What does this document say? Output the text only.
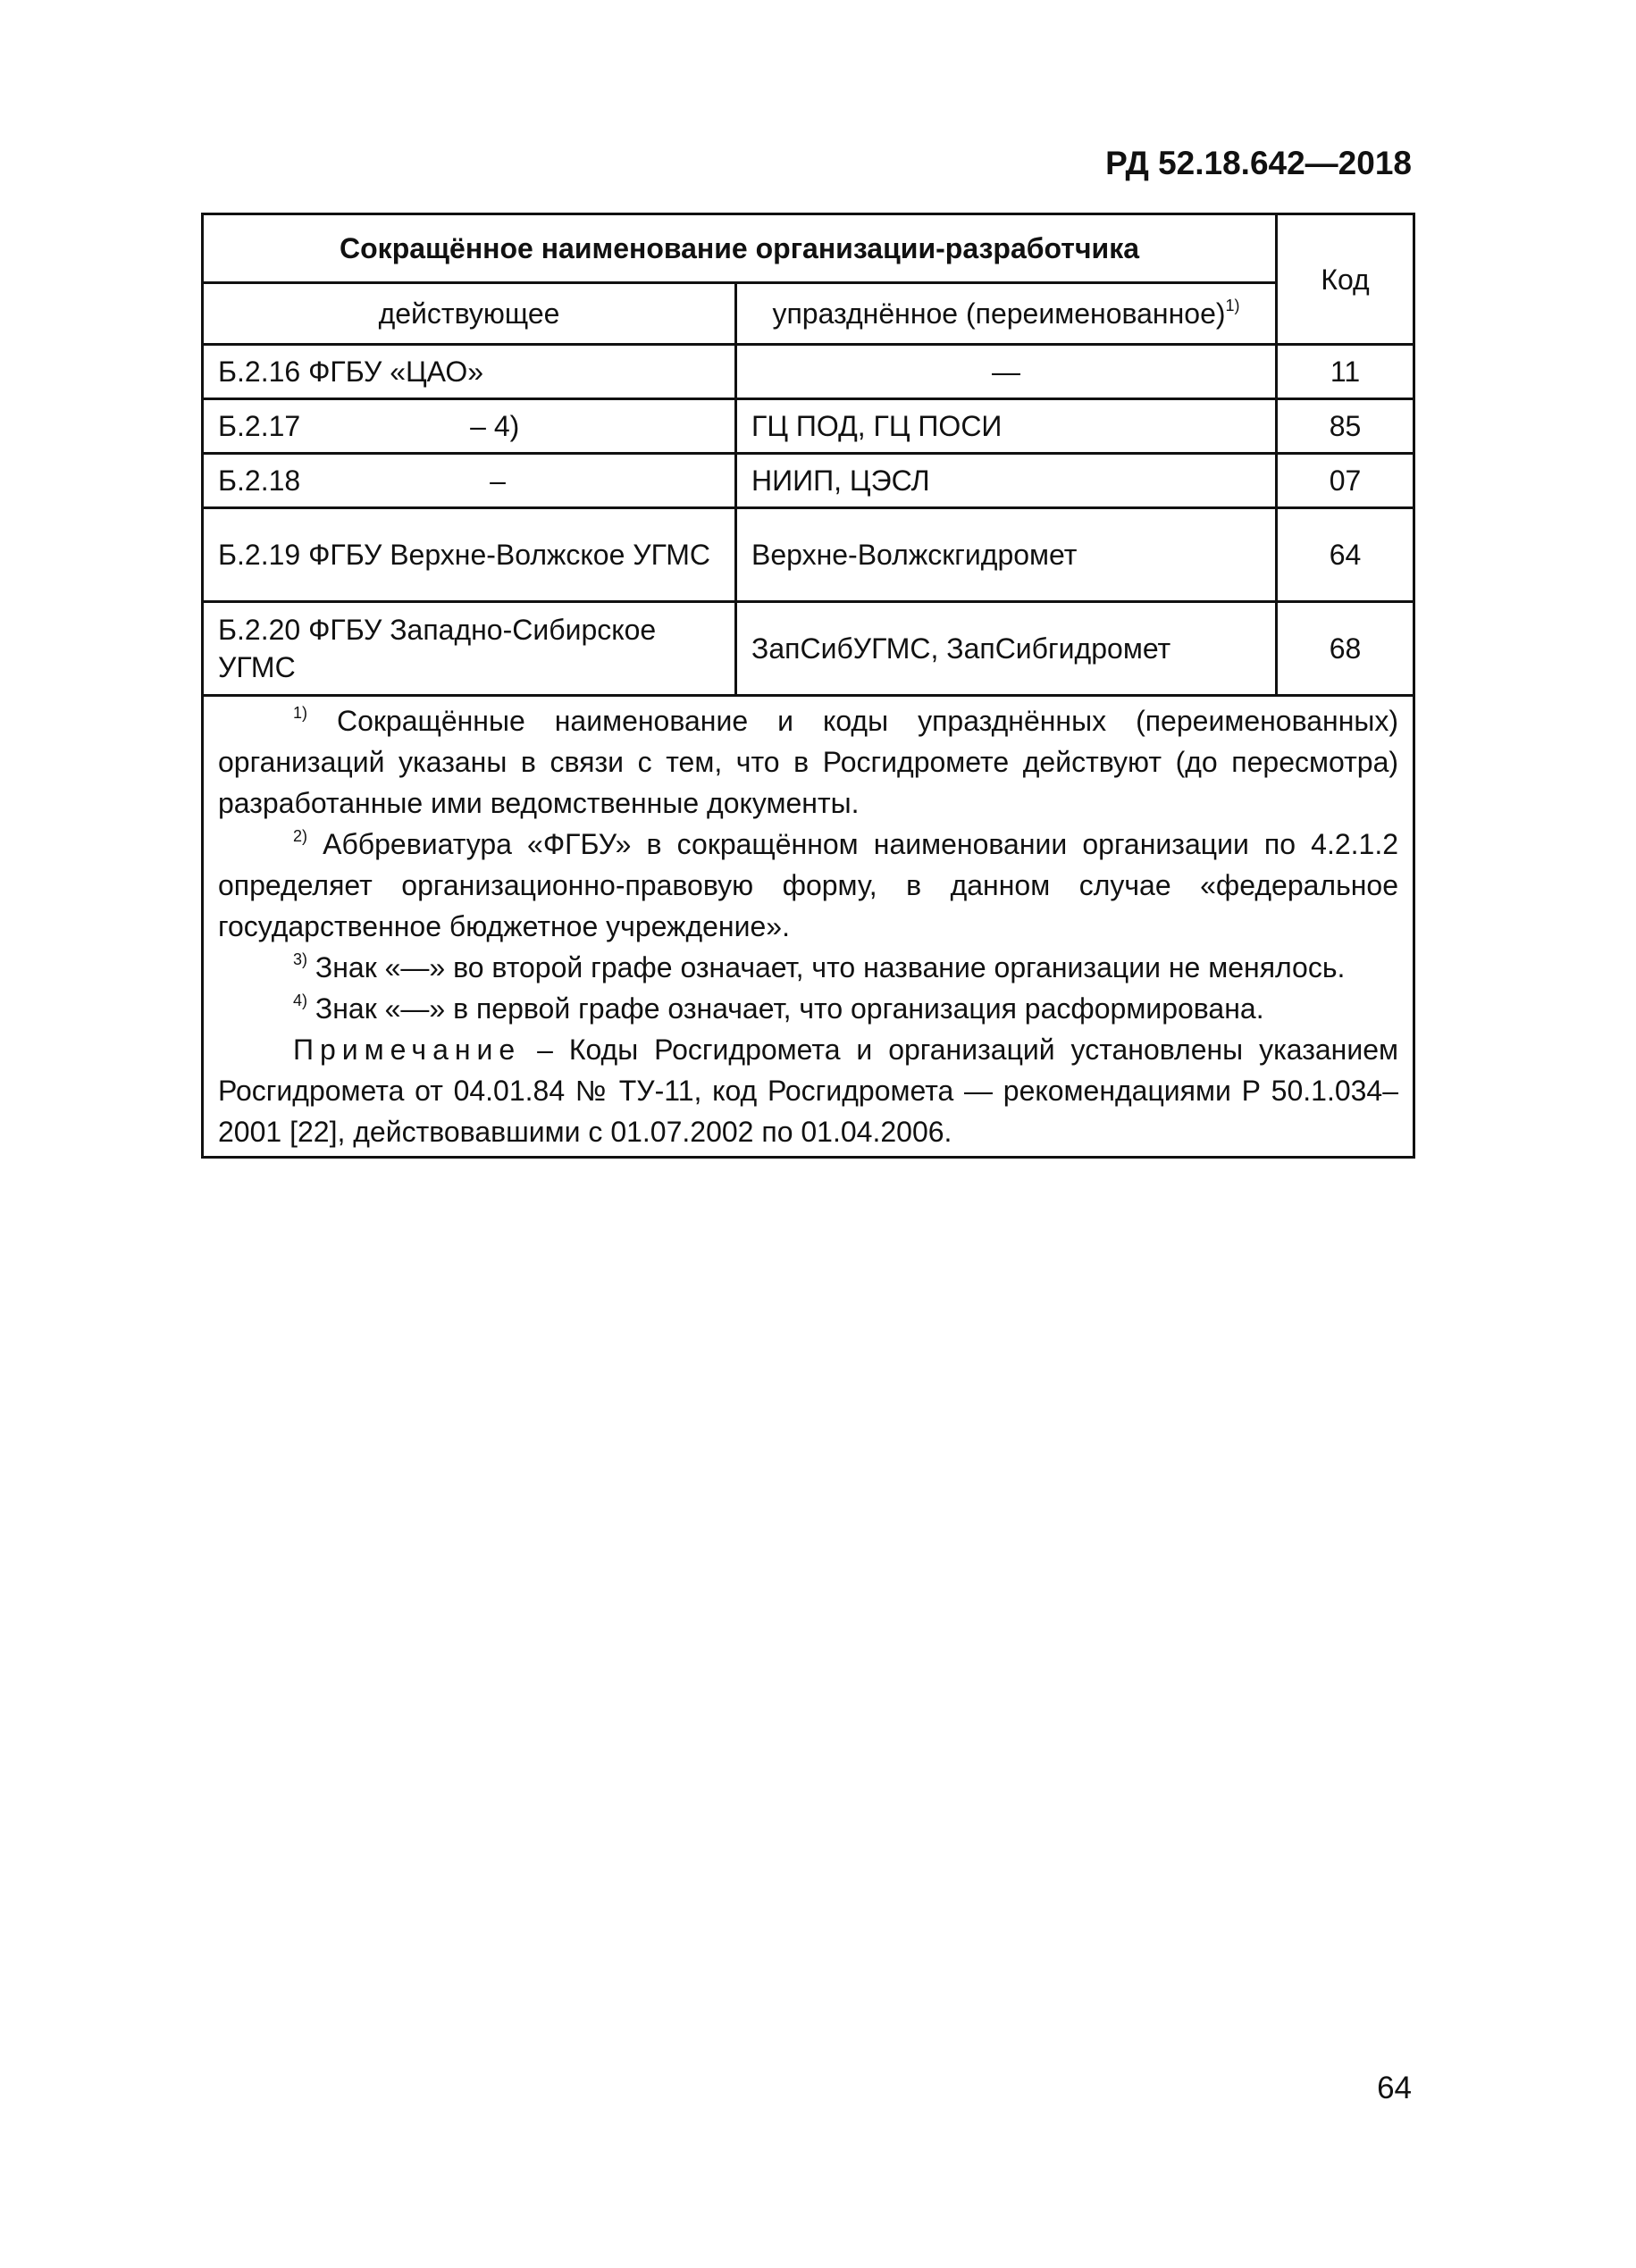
РД 52.18.642—2018
Сокращённое наименование организации-разработчика		Код
действующее	упразднённое (переименованное)$^{1)}$
Б.2.16 ФГБУ «ЦАО»	—	11
Б.2.17 – 4)	ГЦ ПОД, ГЦ ПОСИ	85
Б.2.18 –	НИИП, ЦЭСЛ	07
Б.2.19 ФГБУ Верхне-Волжское УГМС	Верхне-Волжскгидромет	64
Б.2.20 ФГБУ Западно-Сибирское УГМС	ЗапСибУГМС, ЗапСибгидромет	68

$^{1)}$ Сокращённые наименование и коды упразднённых (переименованных) организаций указаны в связи с тем, что в Росгидромете действуют (до пересмотра) разработанные ими ведомственные документы.

$^{2)}$ Аббревиатура «ФГБУ» в сокращённом наименовании организации по 4.2.1.2 определяет организационно-правовую форму, в данном случае «федеральное государственное бюджетное учреждение».

$^{3)}$ Знак «—» во второй графе означает, что название организации не менялось.

$^{4)}$ Знак «—» в первой графе означает, что организация расформирована.

Примечание – Коды Росгидромета и организаций установлены указанием Росгидромета от 04.01.84 № ТУ-11, код Росгидромета — рекомендациями Р 50.1.034–2001 [22], действовавшими с 01.07.2002 по 01.04.2006.		

64
